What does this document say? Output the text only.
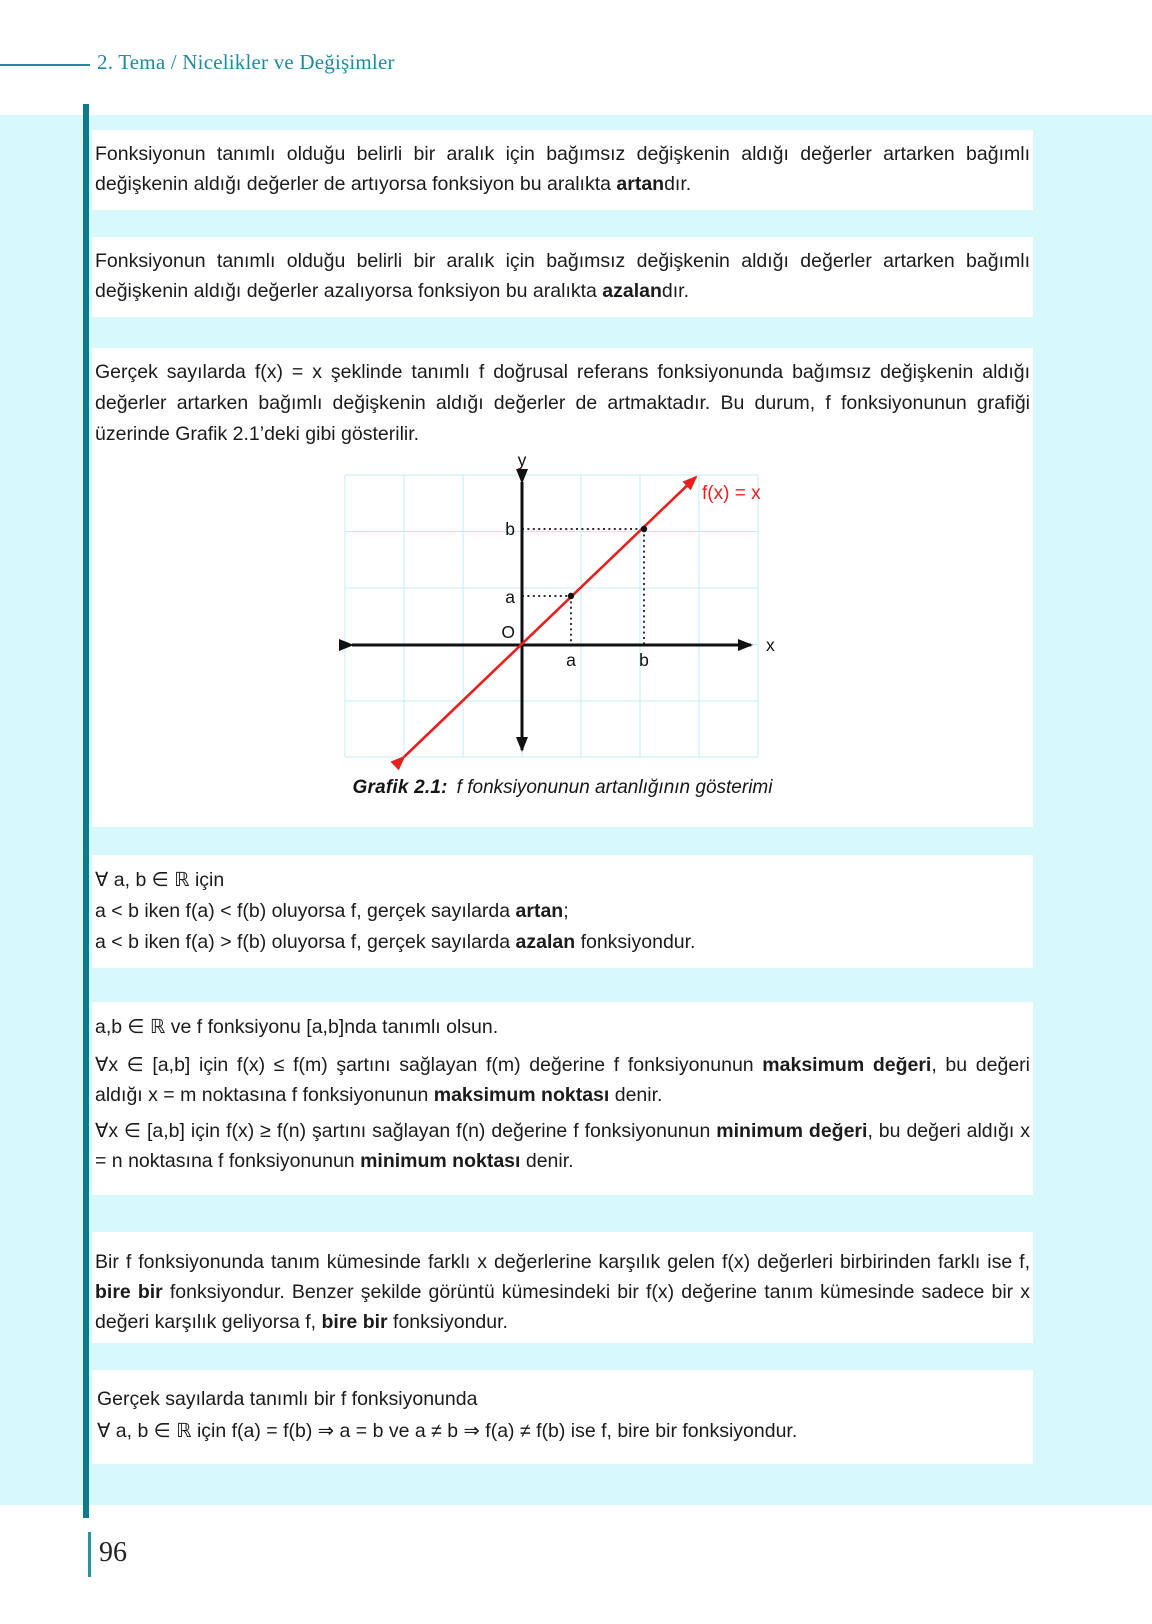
2. Tema / Nicelikler ve Değişimler

Fonksiyonun tanımlı olduğu belirli bir aralık için bağımsız değişkenin aldığı değerler artarken bağımlı değişkenin aldığı değerler de artıyorsa fonksiyon bu aralıkta artandır.

Fonksiyonun tanımlı olduğu belirli bir aralık için bağımsız değişkenin aldığı değerler artarken bağımlı değişkenin aldığı değerler azalıyorsa fonksiyon bu aralıkta azalandır.

Gerçek sayılarda f(x) = x şeklinde tanımlı f doğrusal referans fonksiyonunda bağımsız değişkenin aldığı değerler artarken bağımlı değişkenin aldığı değerler de artmaktadır. Bu durum, f fonksiyonunun grafiği üzerinde Grafik 2.1’deki gibi gösterilir.

y
x
O
b
a
a	b
f(x) = x

Grafik 2.1: f fonksiyonunun artanlığının gösterimi

∀ a, b ∈ ℝ için

a < b iken f(a) < f(b) oluyorsa f, gerçek sayılarda artan;

a < b iken f(a) > f(b) oluyorsa f, gerçek sayılarda azalan fonksiyondur.

a,b ∈ ℝ ve f fonksiyonu [a,b]nda tanımlı olsun.

∀x ∈ [a,b] için f(x) ≤ f(m) şartını sağlayan f(m) değerine f fonksiyonunun maksimum değeri, bu değeri aldığı x = m noktasına f fonksiyonunun maksimum noktası denir.

∀x ∈ [a,b] için f(x) ≥ f(n) şartını sağlayan f(n) değerine f fonksiyonunun minimum değeri, bu değeri aldığı x = n noktasına f fonksiyonunun minimum noktası denir.

Bir f fonksiyonunda tanım kümesinde farklı x değerlerine karşılık gelen f(x) değerleri birbirinden farklı ise f, bire bir fonksiyondur. Benzer şekilde görüntü kümesindeki bir f(x) değerine tanım kümesinde sadece bir x değeri karşılık geliyorsa f, bire bir fonksiyondur.

Gerçek sayılarda tanımlı bir f fonksiyonunda

∀ a, b ∈ ℝ için f(a) = f(b) ⇒ a = b ve a ≠ b ⇒ f(a) ≠ f(b) ise f, bire bir fonksiyondur.

96
